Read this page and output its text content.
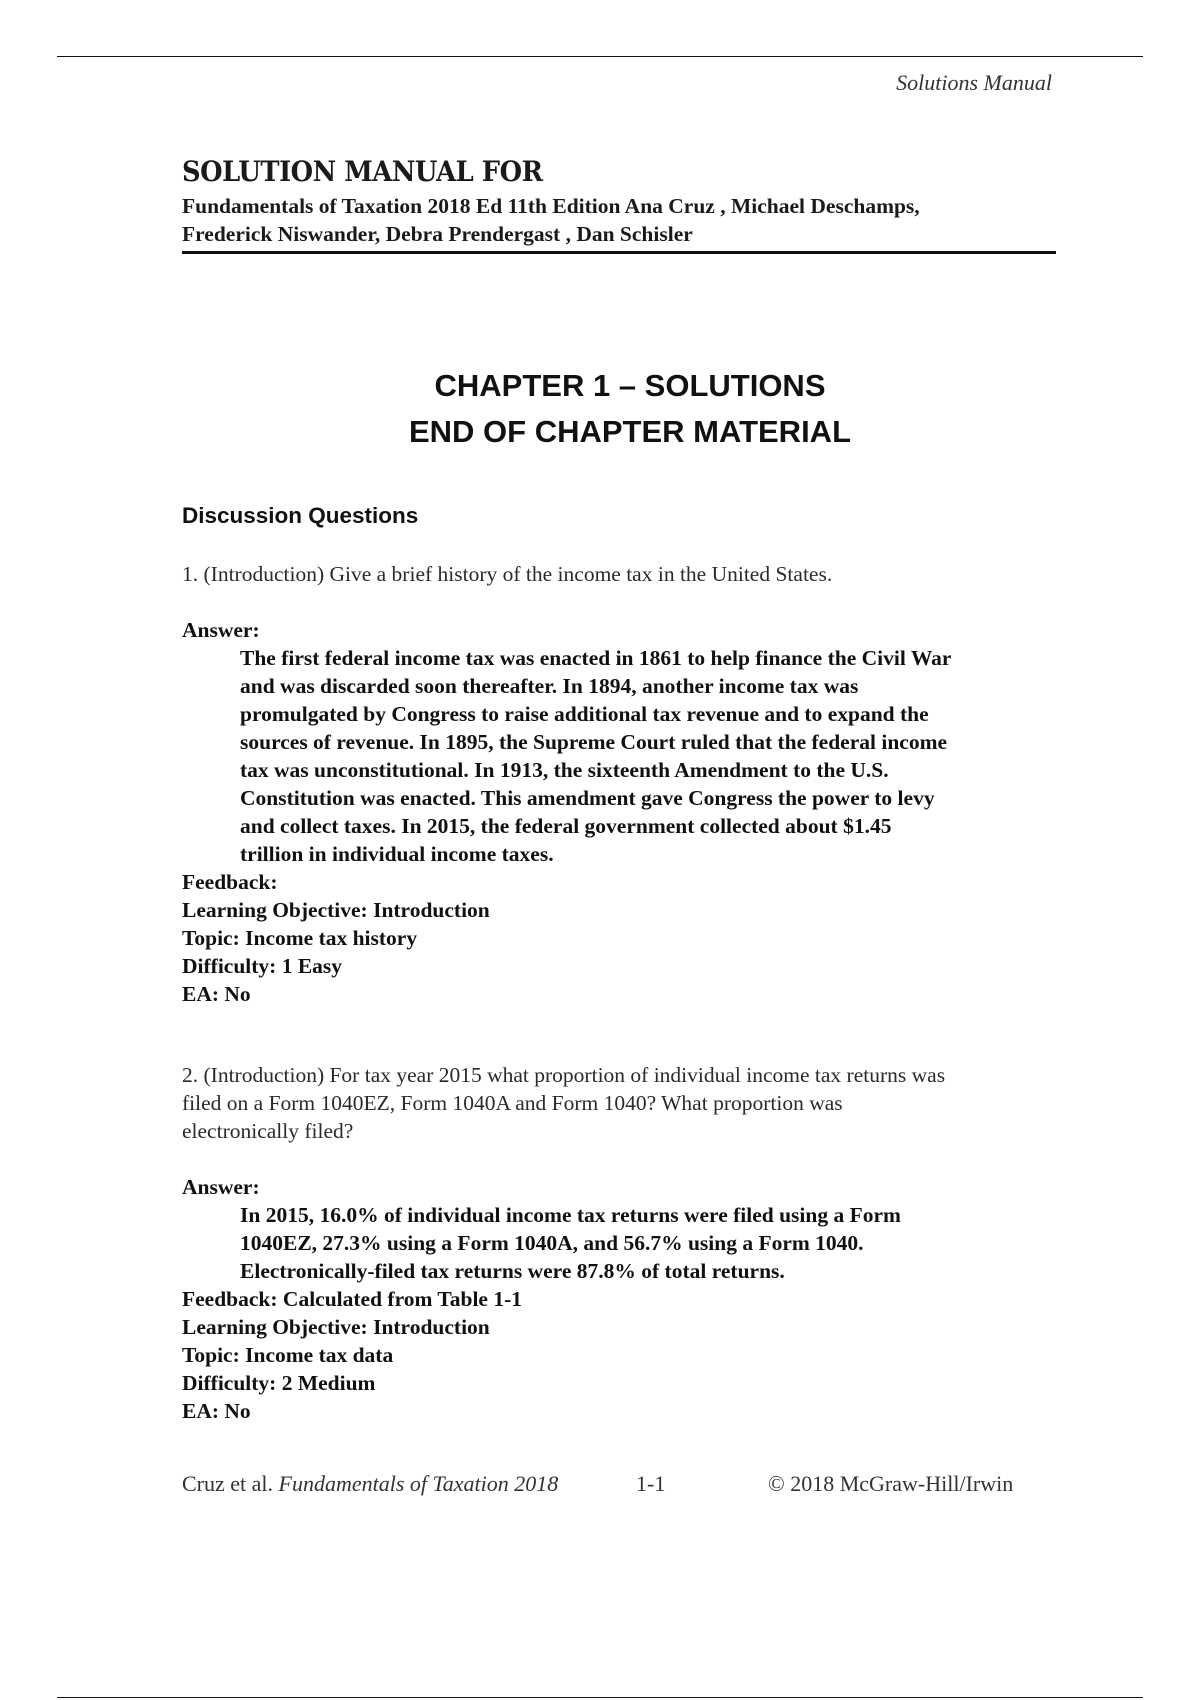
Solutions Manual
SOLUTION MANUAL FOR
Fundamentals of Taxation 2018 Ed 11th Edition Ana Cruz , Michael Deschamps,
Frederick Niswander, Debra Prendergast , Dan Schisler
CHAPTER 1 – SOLUTIONS
END OF CHAPTER MATERIAL
Discussion Questions
1. (Introduction) Give a brief history of the income tax in the United States.
Answer:
The first federal income tax was enacted in 1861 to help finance the Civil War
and was discarded soon thereafter. In 1894, another income tax was
promulgated by Congress to raise additional tax revenue and to expand the
sources of revenue. In 1895, the Supreme Court ruled that the federal income
tax was unconstitutional. In 1913, the sixteenth Amendment to the U.S.
Constitution was enacted. This amendment gave Congress the power to levy
and collect taxes. In 2015, the federal government collected about $1.45
trillion in individual income taxes.
Feedback:
Learning Objective: Introduction
Topic: Income tax history
Difficulty: 1 Easy
EA: No
2. (Introduction) For tax year 2015 what proportion of individual income tax returns was
filed on a Form 1040EZ, Form 1040A and Form 1040? What proportion was
electronically filed?
Answer:
In 2015, 16.0% of individual income tax returns were filed using a Form
1040EZ, 27.3% using a Form 1040A, and 56.7% using a Form 1040.
Electronically-filed tax returns were 87.8% of total returns.
Feedback: Calculated from Table 1-1
Learning Objective: Introduction
Topic: Income tax data
Difficulty: 2 Medium
EA: No
Cruz et al. Fundamentals of Taxation 2018	1-1	© 2018 McGraw-Hill/Irwin
